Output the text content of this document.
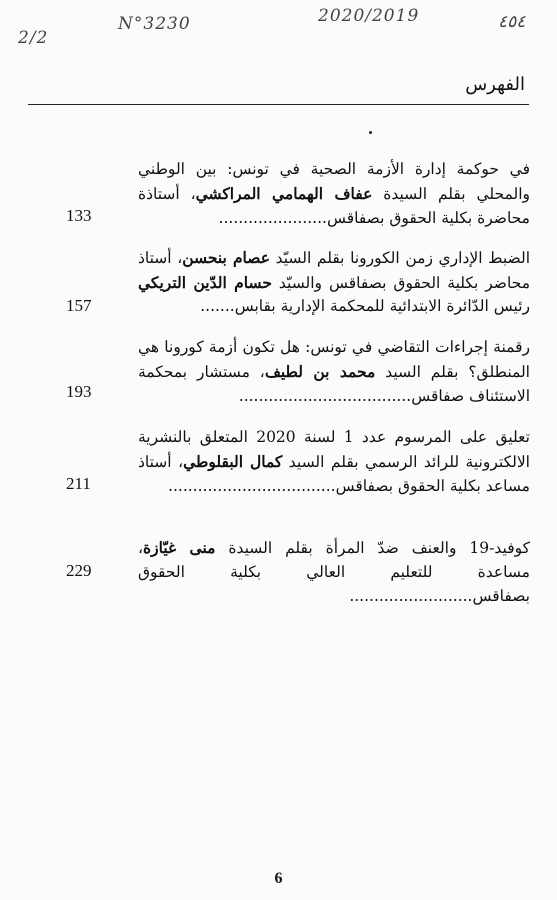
2/2
N°3230	2020/2019	٤٥٤
الفهرس
في حوكمة إدارة الأزمة الصحية في تونس: بين الوطني والمحلي بقلم السيدة عفاف الهمامي المراكشي، أستاذة محاضرة بكلية الحقوق بصفاقس......................
133
الضبط الإداري زمن الكورونا بقلم السيّد عصام بنحسن، أستاذ محاضر بكلية الحقوق بصفاقس والسيّد حسام الدّين التريكي رئيس الدّائرة الابتدائية للمحكمة الإدارية بقابس.......
157
رقمنة إجراءات التقاضي في تونس: هل تكون أزمة كورونا هي المنطلق؟ بقلم السيد محمد بن لطيف، مستشار بمحكمة الاستئناف صفاقس...................................
193
تعليق على المرسوم عدد 1 لسنة 2020 المتعلق بالنشرية الالكترونية للرائد الرسمي بقلم السيد كمال البقلوطي، أستاذ مساعد بكلية الحقوق بصفاقس..................................
211
كوفيد-19 والعنف ضدّ المرأة بقلم السيدة منى غيّازة، مساعدة للتعليم العالي بكلية الحقوق بصفاقس.........................
229
6
